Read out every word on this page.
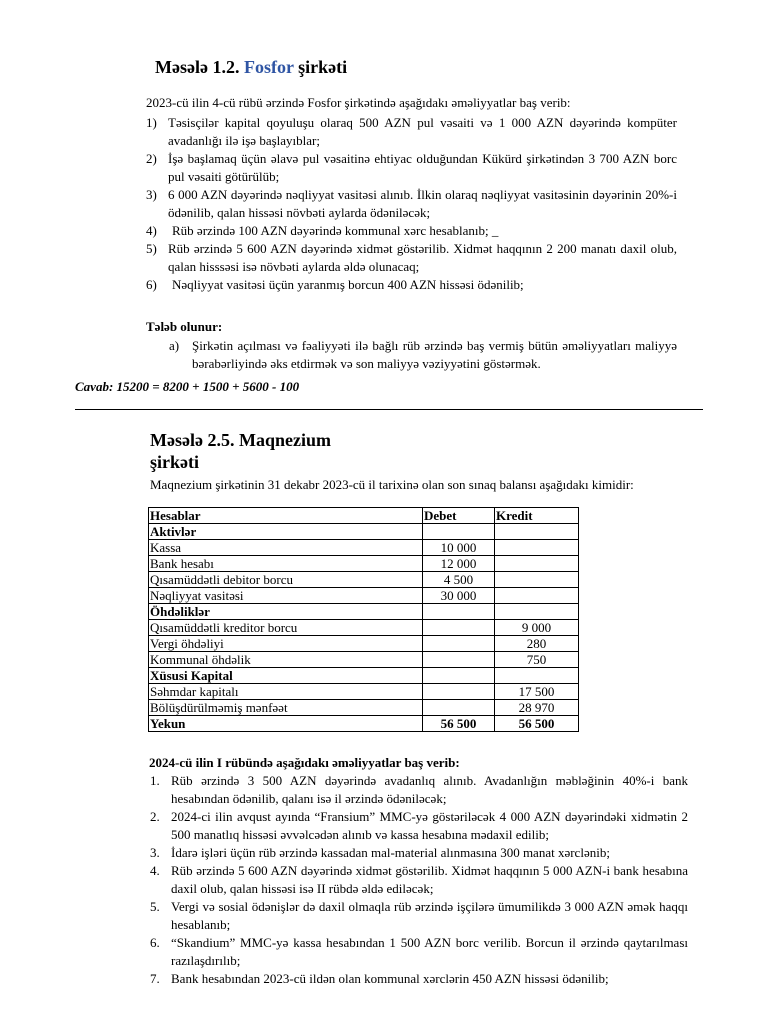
Məsələ 1.2. Fosfor şirkəti
2023-cü ilin 4-cü rübü ərzində Fosfor şirkətində aşağıdakı əməliyyatlar baş verib:
1) Təsisçilər kapital qoyuluşu olaraq 500 AZN pul vəsaiti və 1 000 AZN dəyərində kompüter avadanlığı ilə işə başlayıblar;
2) İşə başlamaq üçün əlavə pul vəsaitinə ehtiyac olduğundan Kükürd şirkətindən 3 700 AZN borc pul vəsaiti götürülüb;
3) 6 000 AZN dəyərində nəqliyyat vasitəsi alınıb. İlkin olaraq nəqliyyat vasitəsinin dəyərinin 20%-i ödənilib, qalan hissəsi növbəti aylarda ödəniləcək;
4) Rüb ərzində 100 AZN dəyərində kommunal xərc hesablanıb; _
5) Rüb ərzində 5 600 AZN dəyərində xidmət göstərilib. Xidmət haqqının 2 200 manatı daxil olub, qalan hisssəsi isə növbəti aylarda əldə olunacaq;
6) Nəqliyyat vasitəsi üçün yaranmış borcun 400 AZN hissəsi ödənilib;
Tələb olunur:
a) Şirkətin açılması və fəaliyyəti ilə bağlı rüb ərzində baş vermiş bütün əməliyyatları maliyyə bərabərliyində əks etdirmək və son maliyyə vəziyyətini göstərmək.
Cavab: 15200 = 8200 + 1500 + 5600 - 100
Məsələ 2.5. Maqnezium
şirkəti
Maqnezium şirkətinin 31 dekabr 2023-cü il tarixinə olan son sınaq balansı aşağıdakı kimidir:
Hesablar	Debet	Kredit
Aktivlər		
Kassa	10 000	
Bank hesabı	12 000	
Qısamüddətli debitor borcu	4 500	
Nəqliyyat vasitəsi	30 000	
Öhdəliklər		
Qısamüddətli kreditor borcu		9 000
Vergi öhdəliyi		280
Kommunal öhdəlik		750
Xüsusi Kapital		
Səhmdar kapitalı		17 500
Bölüşdürülməmiş mənfəət		28 970
Yekun	56 500	56 500
2024-cü ilin I rübündə aşağıdakı əməliyyatlar baş verib:
1. Rüb ərzində 3 500 AZN dəyərində avadanlıq alınıb. Avadanlığın məbləğinin 40%-i bank hesabından ödənilib, qalanı isə il ərzində ödəniləcək;
2. 2024-ci ilin avqust ayında “Fransium” MMC-yə göstəriləcək 4 000 AZN dəyərindəki xidmətin 2 500 manatlıq hissəsi əvvəlcədən alınıb və kassa hesabına mədaxil edilib;
3. İdarə işləri üçün rüb ərzində kassadan mal-material alınmasına 300 manat xərclənib;
4. Rüb ərzində 5 600 AZN dəyərində xidmət göstərilib. Xidmət haqqının 5 000 AZN-i bank hesabına daxil olub, qalan hissəsi isə II rübdə əldə ediləcək;
5. Vergi və sosial ödənişlər də daxil olmaqla rüb ərzində işçilərə ümumilikdə 3 000 AZN əmək haqqı hesablanıb;
6. “Skandium” MMC-yə kassa hesabından 1 500 AZN borc verilib. Borcun il ərzində qaytarılması razılaşdırılıb;
7. Bank hesabından 2023-cü ildən olan kommunal xərclərin 450 AZN hissəsi ödənilib;
